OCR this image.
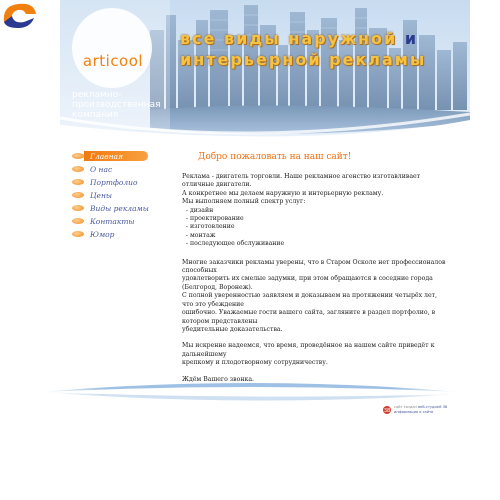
articool
рекламно-
производственная
компания
все виды наружной и
интерьерной рекламы
Главная
О нас
Портфолио
Цены
Виды рекламы
Контакты
Юмор
Добро пожаловать на наш сайт!
Реклама - двигатель торговли. Наше рекламное агенство изготавливает отличные двигатели.
А конкретнее мы делаем наружную и интерьерную рекламу.
Мы выполняем полный спектр услуг:
- дизайн
- проектирование
- изготовление
- монтаж
- последующее обслуживание
Многие заказчики рекламы уверены, что в Старом Осколе нет профессионалов способных
удовлетворить их смелые задумки, при этом обращаются в соседние города (Белгород, Воронеж).
С полной уверенностью заявляем и доказываем на протяжении четырёх лет, что это убеждение
ошибочно. Уважаемые гости вашего сайта, загляните в раздел портфолио, в котором представлены
убедительные доказательства.
Мы искренне надеемся, что время, проведённое на нашем сайте приведёт к дальнейшему
крепкому и плодотворному сотрудничеству.
Ждём Вашего звонка.
38
сайт создан веб-студией 38
информация о сайте
